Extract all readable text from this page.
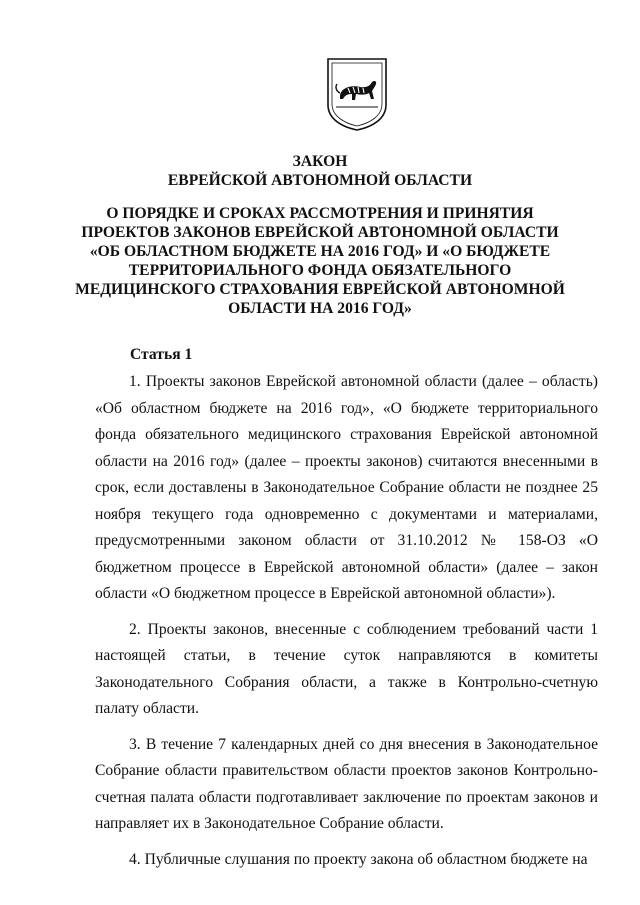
ЗАКОН
ЕВРЕЙСКОЙ АВТОНОМНОЙ ОБЛАСТИ
О ПОРЯДКЕ И СРОКАХ РАССМОТРЕНИЯ И ПРИНЯТИЯ ПРОЕКТОВ ЗАКОНОВ ЕВРЕЙСКОЙ АВТОНОМНОЙ ОБЛАСТИ «ОБ ОБЛАСТНОМ БЮДЖЕТЕ НА 2016 ГОД» И «О БЮДЖЕТЕ ТЕРРИТОРИАЛЬНОГО ФОНДА ОБЯЗАТЕЛЬНОГО МЕДИЦИНСКОГО СТРАХОВАНИЯ ЕВРЕЙСКОЙ АВТОНОМНОЙ ОБЛАСТИ НА 2016 ГОД»
Статья 1

1. Проекты законов Еврейской автономной области (далее – область) «Об областном бюджете на 2016 год», «О бюджете территориального фонда обязательного медицинского страхования Еврейской автономной области на 2016 год» (далее – проекты законов) считаются внесенными в срок, если доставлены в Законодательное Собрание области не позднее 25 ноября текущего года одновременно с документами и материалами, предусмотренными законом области от 31.10.2012 № 158-ОЗ «О бюджетном процессе в Еврейской автономной области» (далее – закон области «О бюджетном процессе в Еврейской автономной области»).

2. Проекты законов, внесенные с соблюдением требований части 1 настоящей статьи, в течение суток направляются в комитеты Законодательного Собрания области, а также в Контрольно-счетную палату области.

3. В течение 7 календарных дней со дня внесения в Законодательное Собрание области правительством области проектов законов Контрольно-счетная палата области подготавливает заключение по проектам законов и направляет их в Законодательное Собрание области.

4. Публичные слушания по проекту закона об областном бюджете на
